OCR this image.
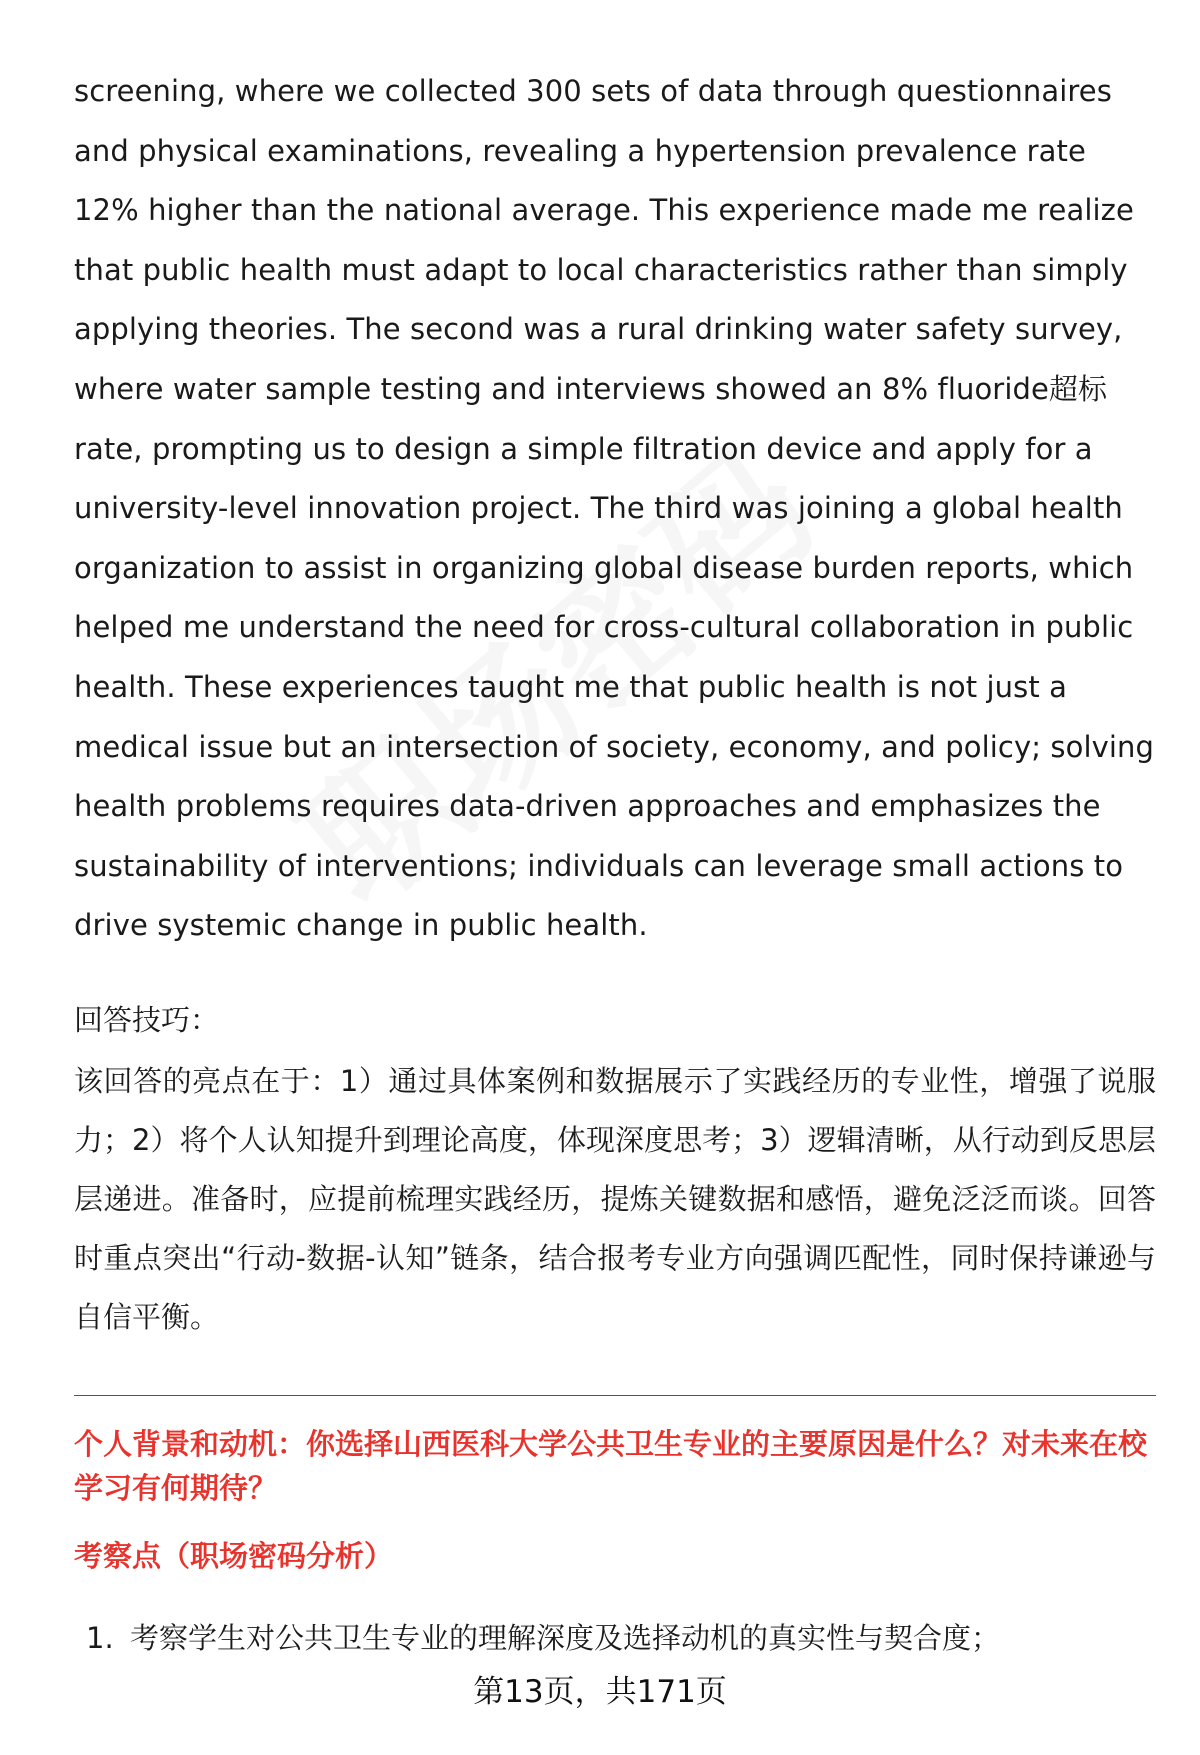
screening, where we collected 300 sets of data through questionnaires and physical examinations, revealing a hypertension prevalence rate 12% higher than the national average. This experience made me realize that public health must adapt to local characteristics rather than simply applying theories. The second was a rural drinking water safety survey, where water sample testing and interviews showed an 8% fluoride超标 rate, prompting us to design a simple filtration device and apply for a university-level innovation project. The third was joining a global health organization to assist in organizing global disease burden reports, which helped me understand the need for cross-cultural collaboration in public health. These experiences taught me that public health is not just a medical issue but an intersection of society, economy, and policy; solving health problems requires data-driven approaches and emphasizes the sustainability of interventions; individuals can leverage small actions to drive systemic change in public health.

回答技巧：

该回答的亮点在于：1）通过具体案例和数据展示了实践经历的专业性，增强了说服力；2）将个人认知提升到理论高度，体现深度思考；3）逻辑清晰，从行动到反思层层递进。准备时，应提前梳理实践经历，提炼关键数据和感悟，避免泛泛而谈。回答时重点突出“行动-数据-认知”链条，结合报考专业方向强调匹配性，同时保持谦逊与自信平衡。

个人背景和动机：你选择山西医科大学公共卫生专业的主要原因是什么？对未来在校学习有何期待？
考察点（职场密码分析）
1. 考察学生对公共卫生专业的理解深度及选择动机的真实性与契合度；
第13页，共171页
